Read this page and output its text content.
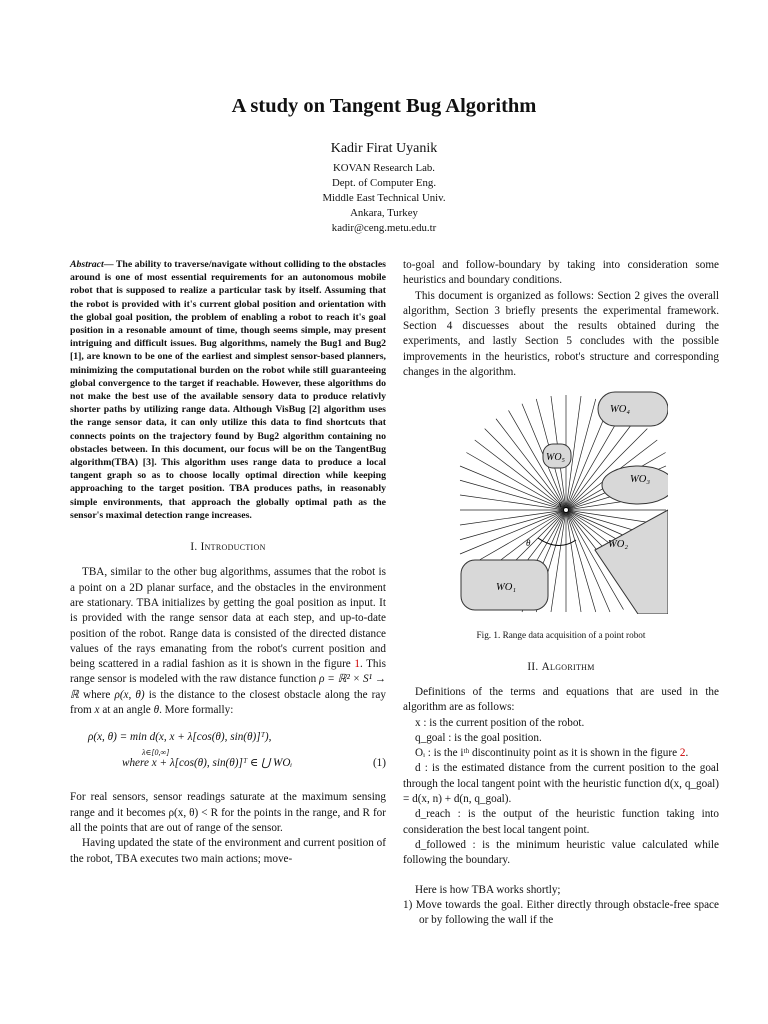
A study on Tangent Bug Algorithm
Kadir Firat Uyanik
KOVAN Research Lab.
Dept. of Computer Eng.
Middle East Technical Univ.
Ankara, Turkey
kadir@ceng.metu.edu.tr

Abstract— The ability to traverse/navigate without colliding to the obstacles around is one of most essential requirements for an autonomous mobile robot that is supposed to realize a particular task by itself. Assuming that the robot is provided with it's current global position and orientation with the global goal position, the problem of enabling a robot to reach it's goal position in a resonable amount of time, though seems simple, may present intriguing and difficult issues. Bug algorithms, namely the Bug1 and Bug2 [1], are known to be one of the earliest and simplest sensor-based planners, minimizing the computational burden on the robot while still guaranteeing global convergence to the target if reachable. However, these algorithms do not make the best use of the available sensory data to produce relativly shorter paths by utilizing range data. Although VisBug [2] algorithm uses the range sensor data, it can only utilize this data to find shortcuts that connects points on the trajectory found by Bug2 algorithm containing no obstacles between. In this document, our focus will be on the TangentBug algorithm(TBA) [3]. This algorithm uses range data to produce a local tangent graph so as to choose locally optimal direction while keeping approaching to the target position. TBA produces paths, in reasonably simple environments, that approach the globally optimal path as the sensor's maximal detection range increases.

I. Introduction

TBA, similar to the other bug algorithms, assumes that the robot is a point on a 2D planar surface, and the obstacles in the environment are stationary. TBA initializes by getting the goal position as input. It is provided with the range sensor data at each step, and up-to-date position of the robot. Range data is consisted of the directed distance values of the rays emanating from the robot's current position and being scattered in a radial fashion as it is shown in the figure 1. This range sensor is modeled with the raw distance function ρ = ℝ² × S¹ → ℝ where ρ(x, θ) is the distance to the closest obstacle along the ray from x at an angle θ. More formally:

ρ(x, θ) = min d(x, x + λ[cos(θ), sin(θ)]ᵀ),
λ∈[0,∞]
where x + λ[cos(θ), sin(θ)]ᵀ ∈ ⋃ WOᵢ	(1)

For real sensors, sensor readings saturate at the maximum sensing range and it becomes ρ(x, θ) < R for the points in the range, and R for all the points that are out of range of the sensor.

Having updated the state of the environment and current position of the robot, TBA executes two main actions; move-

to-goal and follow-boundary by taking into consideration some heuristics and boundary conditions.

This document is organized as follows: Section 2 gives the overall algorithm, Section 3 briefly presents the experimental framework. Section 4 discuesses about the results obtained during the experiments, and lastly Section 5 concludes with the possible improvements in the heuristics, robot's structure and corresponding changes in the algorithm.

WO₄
WO₅
WO₃
WO₂
WO₁
x
θ
Fig. 1. Range data acquisition of a point robot
II. Algorithm

Definitions of the terms and equations that are used in the algorithm are as follows:

x : is the current position of the robot.

q_goal : is the goal position.

Oᵢ : is the iᵗʰ discontinuity point as it is shown in the figure 2.

d : is the estimated distance from the current position to the goal through the local tangent point with the heuristic function d(x, q_goal) = d(x, n) + d(n, q_goal).

d_reach : is the output of the heuristic function taking into consideration the best local tangent point.

d_followed : is the minimum heuristic value calculated while following the boundary.

Here is how TBA works shortly;

1) Move towards the goal. Either directly through obstacle-free space or by following the wall if the
